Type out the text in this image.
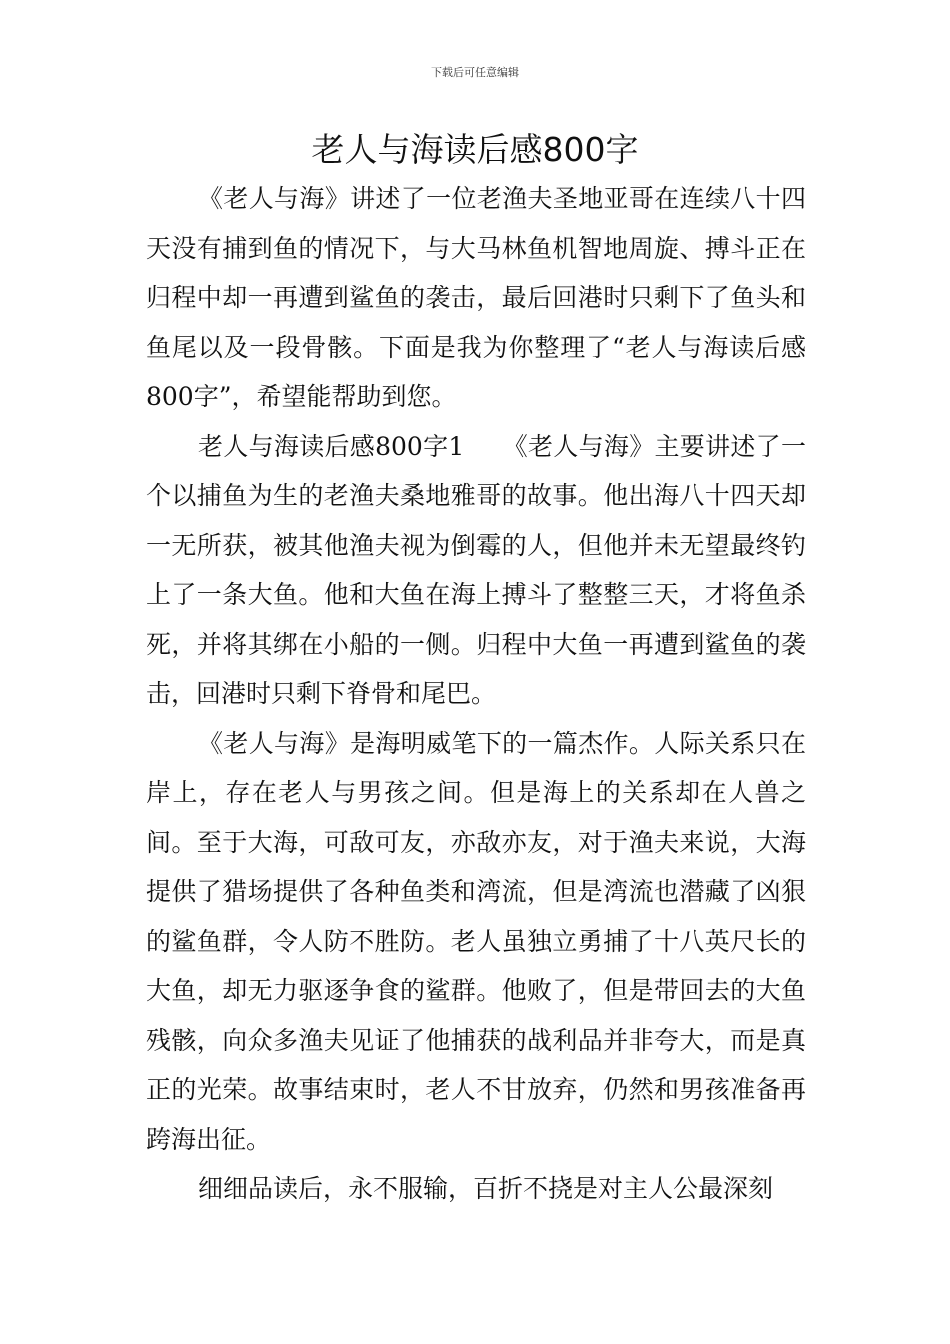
下载后可任意编辑
老人与海读后感800字

《老人与海》讲述了一位老渔夫圣地亚哥在连续八十四天没有捕到鱼的情况下，与大马林鱼机智地周旋、搏斗正在归程中却一再遭到鲨鱼的袭击，最后回港时只剩下了鱼头和鱼尾以及一段骨骸。下面是我为你整理了“老人与海读后感800字”，希望能帮助到您。

老人与海读后感800字1　　《老人与海》主要讲述了一个以捕鱼为生的老渔夫桑地雅哥的故事。他出海八十四天却一无所获，被其他渔夫视为倒霉的人，但他并未无望最终钓上了一条大鱼。他和大鱼在海上搏斗了整整三天，才将鱼杀死，并将其绑在小船的一侧。归程中大鱼一再遭到鲨鱼的袭击，回港时只剩下脊骨和尾巴。

《老人与海》是海明威笔下的一篇杰作。人际关系只在岸上，存在老人与男孩之间。但是海上的关系却在人兽之间。至于大海，可敌可友，亦敌亦友，对于渔夫来说，大海提供了猎场提供了各种鱼类和湾流，但是湾流也潜藏了凶狠的鲨鱼群，令人防不胜防。老人虽独立勇捕了十八英尺长的大鱼，却无力驱逐争食的鲨群。他败了，但是带回去的大鱼残骸，向众多渔夫见证了他捕获的战利品并非夸大，而是真正的光荣。故事结束时，老人不甘放弃，仍然和男孩准备再跨海出征。

细细品读后，永不服输，百折不挠是对主人公最深刻
